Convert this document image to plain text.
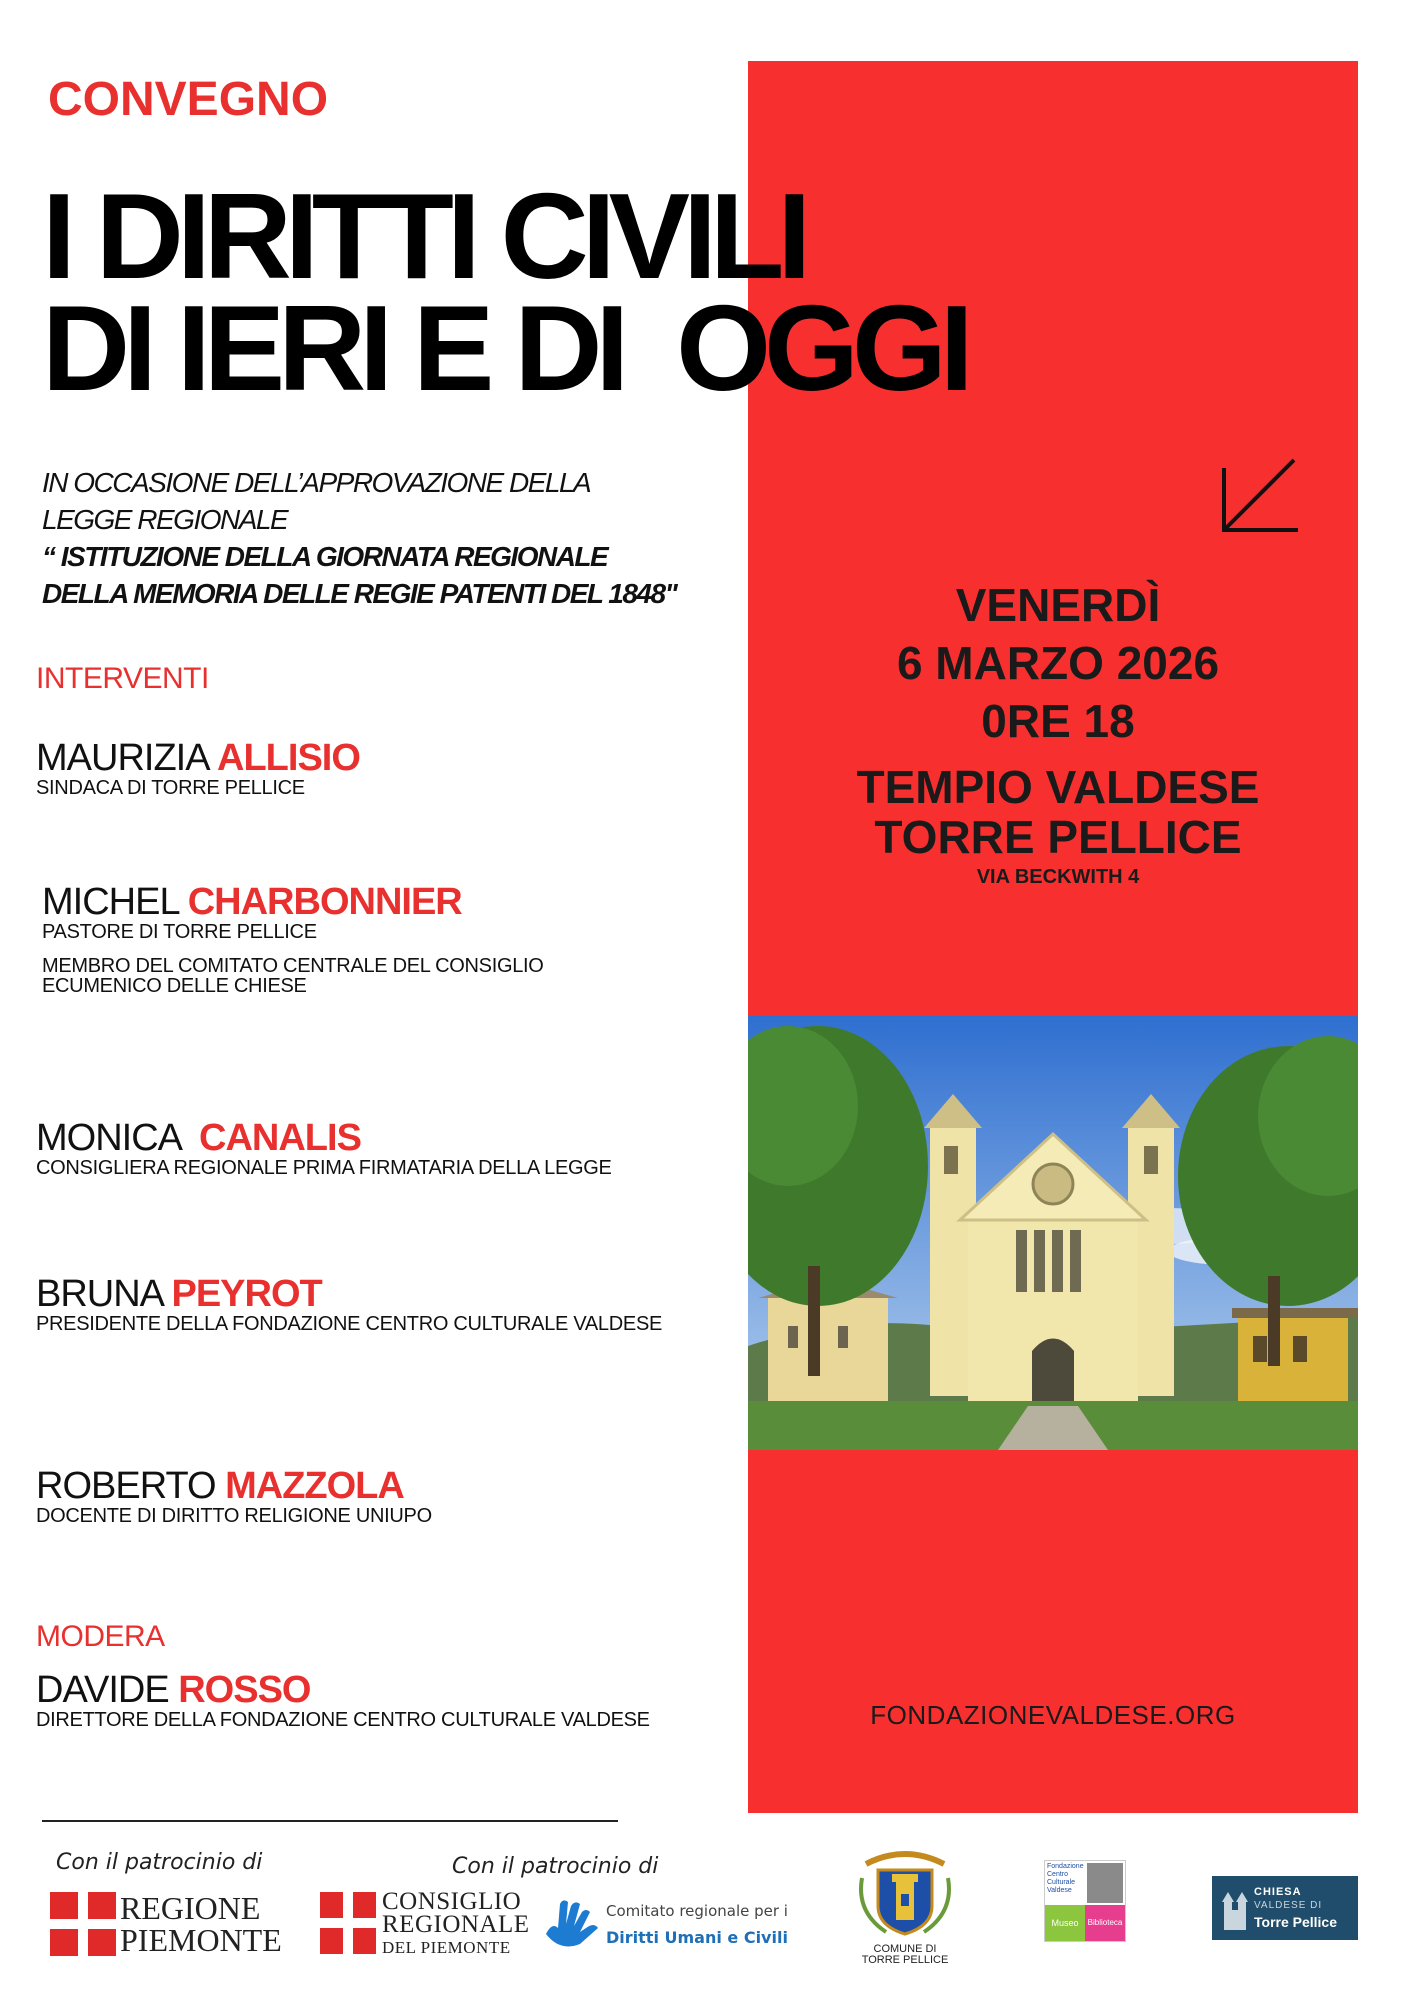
CONVEGNO
I DIRITTI CIVILI
DI IERI E DI  OGGI
IN OCCASIONE DELL’APPROVAZIONE DELLA
LEGGE REGIONALE
“ ISTITUZIONE DELLA GIORNATA REGIONALE
DELLA MEMORIA DELLE REGIE PATENTI DEL 1848"
INTERVENTI
MAURIZIA ALLISIO
SINDACA DI TORRE PELLICE
MICHEL CHARBONNIER
PASTORE DI TORRE PELLICE
MEMBRO DEL COMITATO CENTRALE DEL CONSIGLIO ECUMENICO DELLE CHIESE
MONICA  CANALIS
CONSIGLIERA REGIONALE PRIMA FIRMATARIA DELLA LEGGE
BRUNA PEYROT
PRESIDENTE DELLA FONDAZIONE CENTRO CULTURALE VALDESE
ROBERTO MAZZOLA
DOCENTE DI DIRITTO RELIGIONE UNIUPO
MODERA
DAVIDE ROSSO
DIRETTORE DELLA FONDAZIONE CENTRO CULTURALE VALDESE
VENERDÌ
6 MARZO 2026
0RE 18
TEMPIO VALDESE
TORRE PELLICE
VIA BECKWITH 4
FONDAZIONEVALDESE.ORG
Con il patrocinio di	Con il patrocinio di
REGIONE
PIEMONTE
CONSIGLIO
REGIONALE
DEL PIEMONTE
Comitato regionale per i
Diritti Umani e Civili
COMUNE DI
TORRE PELLICE
Fondazione
Centro
Culturale
Valdese
Museo	Biblioteca
CHIESA
VALDESE DI
Torre Pellice
